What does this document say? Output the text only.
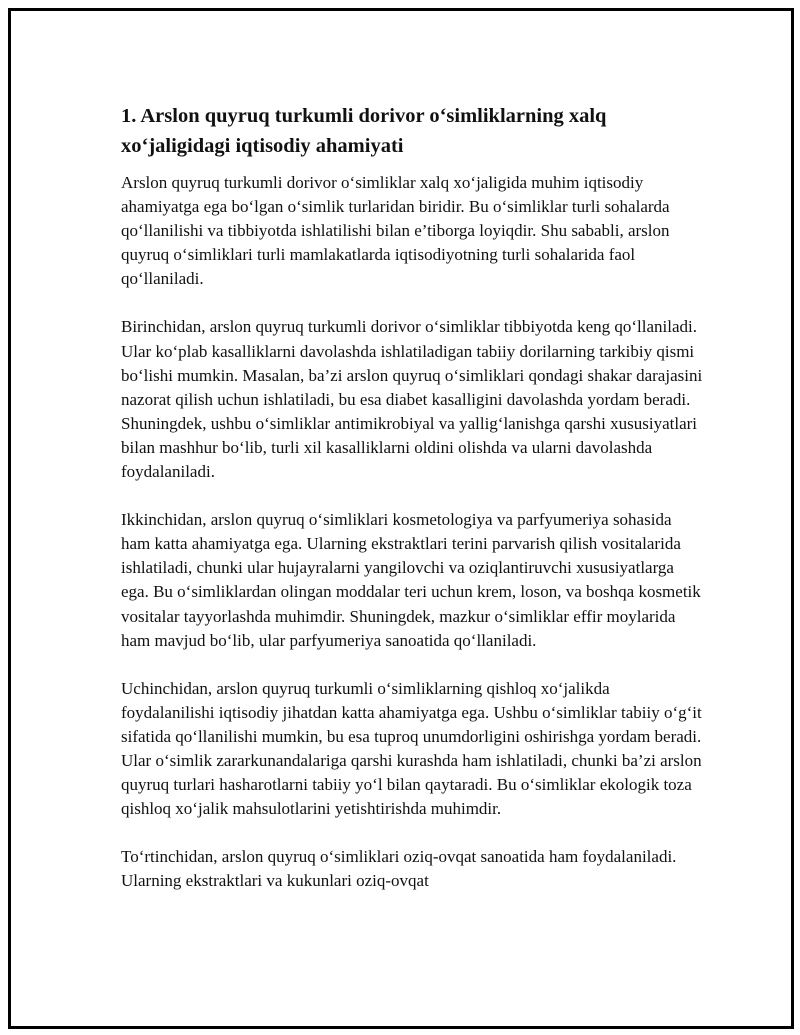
1. Arslon quyruq turkumli dorivor o‘simliklarning xalq xo‘jaligidagi iqtisodiy ahamiyati

Arslon quyruq turkumli dorivor o‘simliklar xalq xo‘jaligida muhim iqtisodiy ahamiyatga ega bo‘lgan o‘simlik turlaridan biridir. Bu o‘simliklar turli sohalarda qo‘llanilishi va tibbiyotda ishlatilishi bilan e’tiborga loyiqdir. Shu sababli, arslon quyruq o‘simliklari turli mamlakatlarda iqtisodiyotning turli sohalarida faol qo‘llaniladi.

Birinchidan, arslon quyruq turkumli dorivor o‘simliklar tibbiyotda keng qo‘llaniladi. Ular ko‘plab kasalliklarni davolashda ishlatiladigan tabiiy dorilarning tarkibiy qismi bo‘lishi mumkin. Masalan, ba’zi arslon quyruq o‘simliklari qondagi shakar darajasini nazorat qilish uchun ishlatiladi, bu esa diabet kasalligini davolashda yordam beradi. Shuningdek, ushbu o‘simliklar antimikrobiyal va yallig‘lanishga qarshi xususiyatlari bilan mashhur bo‘lib, turli xil kasalliklarni oldini olishda va ularni davolashda foydalaniladi.

Ikkinchidan, arslon quyruq o‘simliklari kosmetologiya va parfyumeriya sohasida ham katta ahamiyatga ega. Ularning ekstraktlari terini parvarish qilish vositalarida ishlatiladi, chunki ular hujayralarni yangilovchi va oziqlantiruvchi xususiyatlarga ega. Bu o‘simliklardan olingan moddalar teri uchun krem, loson, va boshqa kosmetik vositalar tayyorlashda muhimdir. Shuningdek, mazkur o‘simliklar effir moylarida ham mavjud bo‘lib, ular parfyumeriya sanoatida qo‘llaniladi.

Uchinchidan, arslon quyruq turkumli o‘simliklarning qishloq xo‘jalikda foydalanilishi iqtisodiy jihatdan katta ahamiyatga ega. Ushbu o‘simliklar tabiiy o‘g‘it sifatida qo‘llanilishi mumkin, bu esa tuproq unumdorligini oshirishga yordam beradi. Ular o‘simlik zararkunandalariga qarshi kurashda ham ishlatiladi, chunki ba’zi arslon quyruq turlari hasharotlarni tabiiy yo‘l bilan qaytaradi. Bu o‘simliklar ekologik toza qishloq xo‘jalik mahsulotlarini yetishtirishda muhimdir.

To‘rtinchidan, arslon quyruq o‘simliklari oziq-ovqat sanoatida ham foydalaniladi. Ularning ekstraktlari va kukunlari oziq-ovqat
